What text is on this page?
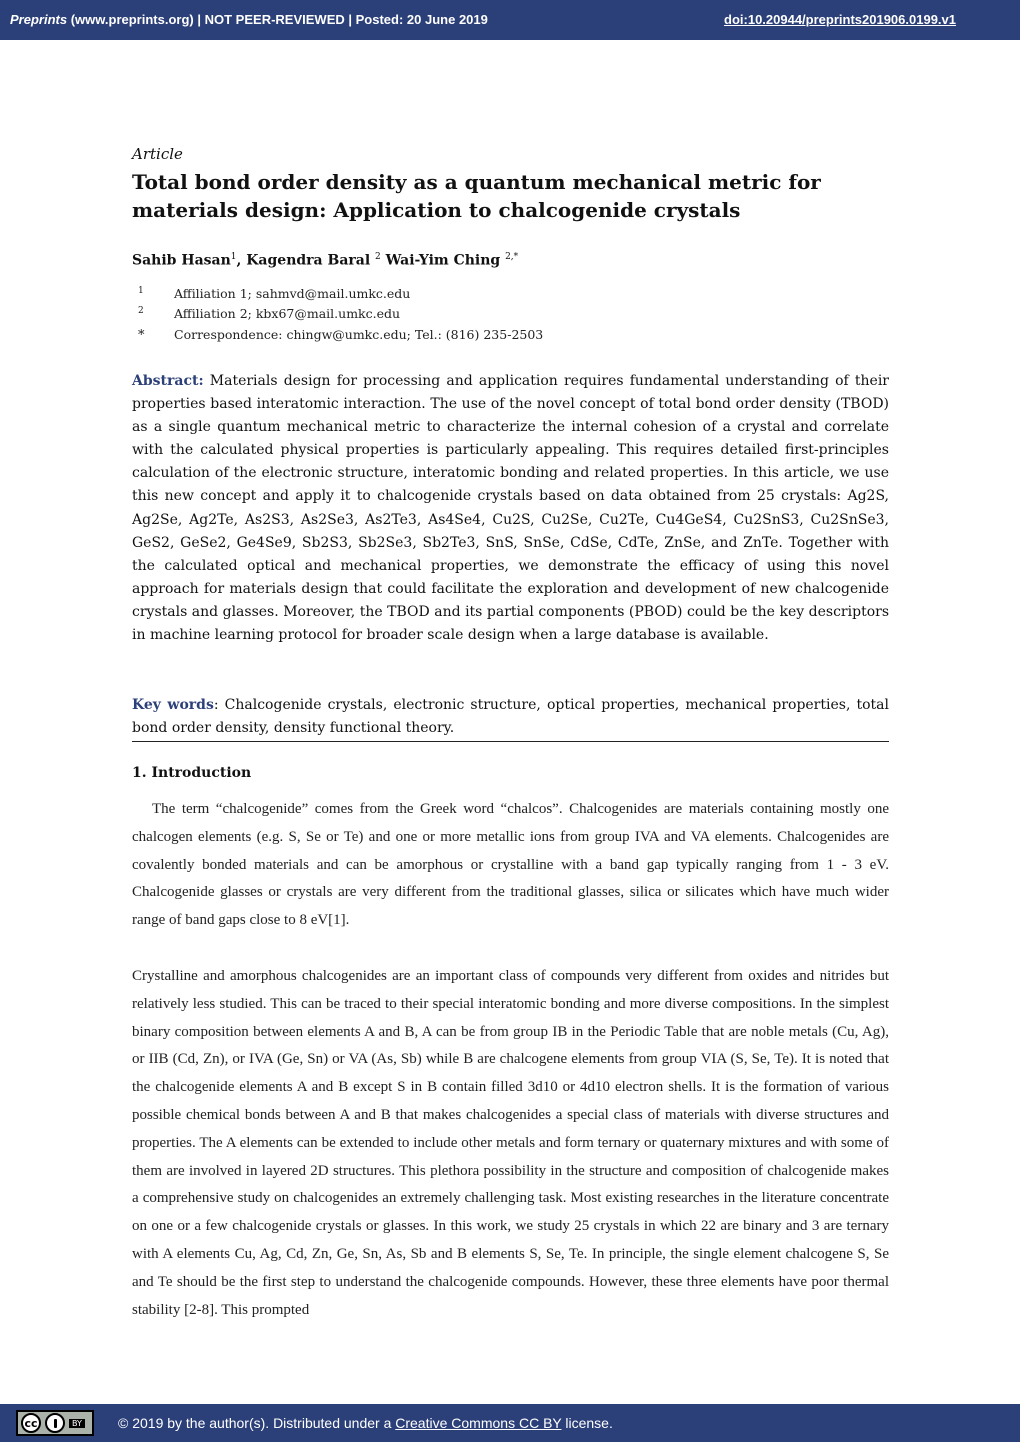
Preprints (www.preprints.org) | NOT PEER-REVIEWED | Posted: 20 June 2019	doi:10.20944/preprints201906.0199.v1
Article
Total bond order density as a quantum mechanical metric for materials design: Application to chalcogenide crystals
Sahib Hasan$^1$, Kagendra Baral $^2$ Wai-Yim Ching $^{2,*}$
1 Affiliation 1; sahmvd@mail.umkc.edu
2 Affiliation 2; kbx67@mail.umkc.edu
* Correspondence: chingw@umkc.edu; Tel.: (816) 235-2503
Abstract: Materials design for processing and application requires fundamental understanding of their properties based interatomic interaction. The use of the novel concept of total bond order density (TBOD) as a single quantum mechanical metric to characterize the internal cohesion of a crystal and correlate with the calculated physical properties is particularly appealing. This requires detailed first-principles calculation of the electronic structure, interatomic bonding and related properties. In this article, we use this new concept and apply it to chalcogenide crystals based on data obtained from 25 crystals: Ag2S, Ag2Se, Ag2Te, As2S3, As2Se3, As2Te3, As4Se4, Cu2S, Cu2Se, Cu2Te, Cu4GeS4, Cu2SnS3, Cu2SnSe3, GeS2, GeSe2, Ge4Se9, Sb2S3, Sb2Se3, Sb2Te3, SnS, SnSe, CdSe, CdTe, ZnSe, and ZnTe. Together with the calculated optical and mechanical properties, we demonstrate the efficacy of using this novel approach for materials design that could facilitate the exploration and development of new chalcogenide crystals and glasses. Moreover, the TBOD and its partial components (PBOD) could be the key descriptors in machine learning protocol for broader scale design when a large database is available.
Key words: Chalcogenide crystals, electronic structure, optical properties, mechanical properties, total bond order density, density functional theory.
1. Introduction
The term “chalcogenide” comes from the Greek word “chalcos”. Chalcogenides are materials containing mostly one chalcogen elements (e.g. S, Se or Te) and one or more metallic ions from group IVA and VA elements. Chalcogenides are covalently bonded materials and can be amorphous or crystalline with a band gap typically ranging from 1 - 3 eV. Chalcogenide glasses or crystals are very different from the traditional glasses, silica or silicates which have much wider range of band gaps close to 8 eV[1].
Crystalline and amorphous chalcogenides are an important class of compounds very different from oxides and nitrides but relatively less studied. This can be traced to their special interatomic bonding and more diverse compositions. In the simplest binary composition between elements A and B, A can be from group IB in the Periodic Table that are noble metals (Cu, Ag), or IIB (Cd, Zn), or IVA (Ge, Sn) or VA (As, Sb) while B are chalcogene elements from group VIA (S, Se, Te). It is noted that the chalcogenide elements A and B except S in B contain filled 3d10 or 4d10 electron shells. It is the formation of various possible chemical bonds between A and B that makes chalcogenides a special class of materials with diverse structures and properties. The A elements can be extended to include other metals and form ternary or quaternary mixtures and with some of them are involved in layered 2D structures. This plethora possibility in the structure and composition of chalcogenide makes a comprehensive study on chalcogenides an extremely challenging task. Most existing researches in the literature concentrate on one or a few chalcogenide crystals or glasses. In this work, we study 25 crystals in which 22 are binary and 3 are ternary with A elements Cu, Ag, Cd, Zn, Ge, Sn, As, Sb and B elements S, Se, Te. In principle, the single element chalcogene S, Se and Te should be the first step to understand the chalcogenide compounds. However, these three elements have poor thermal stability [2-8]. This prompted
cc	BY	© 2019 by the author(s). Distributed under a Creative Commons CC BY license.
